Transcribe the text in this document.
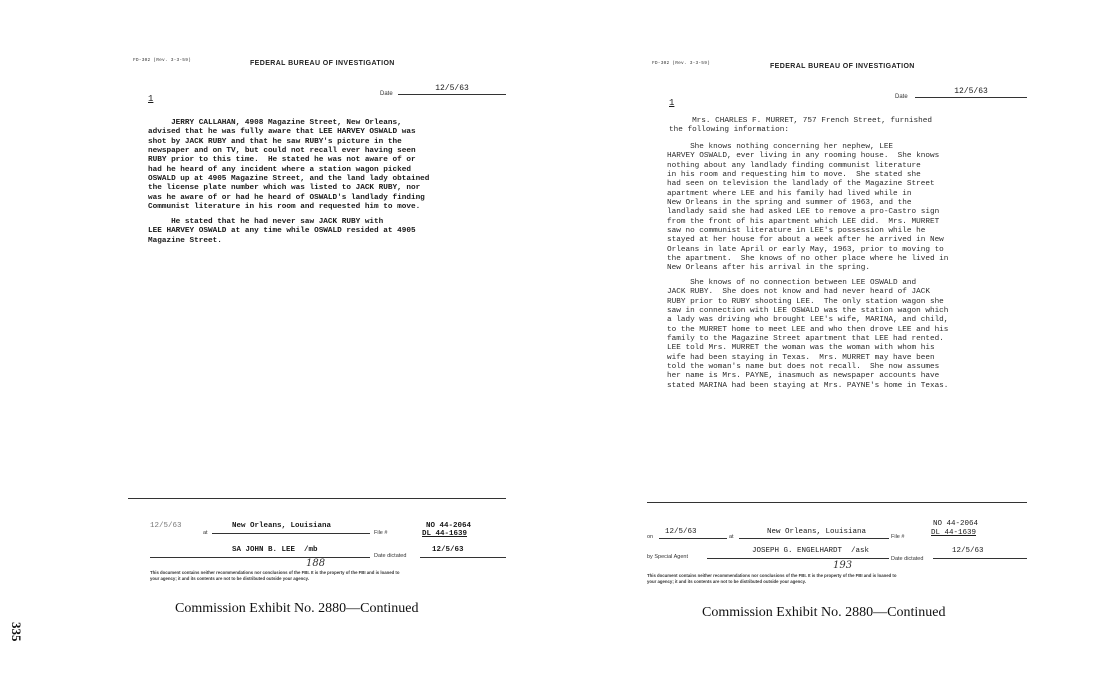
FD-302 (Rev. 3-3-59)	FEDERAL BUREAU OF INVESTIGATION
Date
12/5/63
1
JERRY CALLAHAN, 4908 Magazine Street, New Orleans,
advised that he was fully aware that LEE HARVEY OSWALD was
shot by JACK RUBY and that he saw RUBY's picture in the
newspaper and on TV, but could not recall ever having seen
RUBY prior to this time.  He stated he was not aware of or
had he heard of any incident where a station wagon picked
OSWALD up at 4905 Magazine Street, and the land lady obtained
the license plate number which was listed to JACK RUBY, nor
was he aware of or had he heard of OSWALD's landlady finding
Communist literature in his room and requested him to move.
He stated that he had never saw JACK RUBY with
LEE HARVEY OSWALD at any time while OSWALD resided at 4905
Magazine Street.
12/5/63
at
New Orleans, Louisiana
File #
NO 44-2064
DL 44-1639
SA JOHN B. LEE  /mb
Date dictated
12/5/63
188
This document contains neither recommendations nor conclusions of the FBI. It is the property of the FBI and is loaned to
your agency; it and its contents are not to be distributed outside your agency.
Commission Exhibit No. 2880—Continued
335
FD-302 (Rev. 3-3-59)	FEDERAL BUREAU OF INVESTIGATION
Date
12/5/63
1
Mrs. CHARLES F. MURRET, 757 French Street, furnished
the following information:
She knows nothing concerning her nephew, LEE
HARVEY OSWALD, ever living in any rooming house.  She knows
nothing about any landlady finding communist literature
in his room and requesting him to move.  She stated she
had seen on television the landlady of the Magazine Street
apartment where LEE and his family had lived while in
New Orleans in the spring and summer of 1963, and the
landlady said she had asked LEE to remove a pro-Castro sign
from the front of his apartment which LEE did.  Mrs. MURRET
saw no communist literature in LEE's possession while he
stayed at her house for about a week after he arrived in New
Orleans in late April or early May, 1963, prior to moving to
the apartment.  She knows of no other place where he lived in
New Orleans after his arrival in the spring.
She knows of no connection between LEE OSWALD and
JACK RUBY.  She does not know and had never heard of JACK
RUBY prior to RUBY shooting LEE.  The only station wagon she
saw in connection with LEE OSWALD was the station wagon which
a lady was driving who brought LEE's wife, MARINA, and child,
to the MURRET home to meet LEE and who then drove LEE and his
family to the Magazine Street apartment that LEE had rented.
LEE told Mrs. MURRET the woman was the woman with whom his
wife had been staying in Texas.  Mrs. MURRET may have been
told the woman's name but does not recall.  She now assumes
her name is Mrs. PAYNE, inasmuch as newspaper accounts have
stated MARINA had been staying at Mrs. PAYNE's home in Texas.
on
12/5/63
at
New Orleans, Louisiana
File #
NO 44-2064
DL 44-1639
by Special Agent
JOSEPH G. ENGELHARDT  /ask
Date dictated
12/5/63
193
This document contains neither recommendations nor conclusions of the FBI. It is the property of the FBI and is loaned to
your agency; it and its contents are not to be distributed outside your agency.
Commission Exhibit No. 2880—Continued
